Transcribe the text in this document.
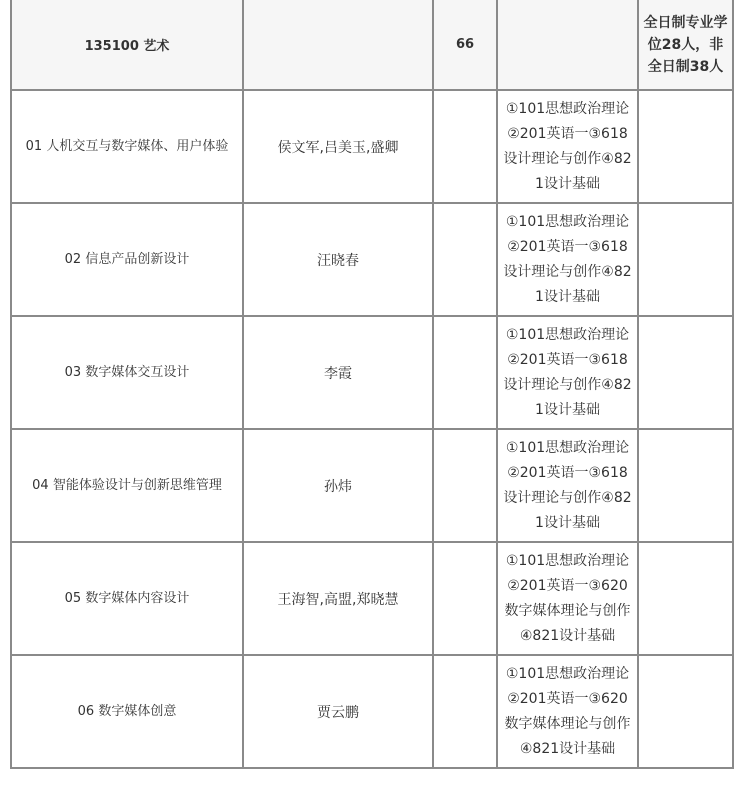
135100 艺术		66		全日制专业学位28人，非全日制38人
01 人机交互与数字媒体、用户体验	侯文军,吕美玉,盛卿		①101思想政治理论②201英语一③618设计理论与创作④821设计基础	
02 信息产品创新设计	汪晓春		①101思想政治理论②201英语一③618设计理论与创作④821设计基础	
03 数字媒体交互设计	李霞		①101思想政治理论②201英语一③618设计理论与创作④821设计基础	
04 智能体验设计与创新思维管理	孙炜		①101思想政治理论②201英语一③618设计理论与创作④821设计基础	
05 数字媒体内容设计	王海智,高盟,郑晓慧		①101思想政治理论②201英语一③620数字媒体理论与创作④821设计基础	
06 数字媒体创意	贾云鹏		①101思想政治理论②201英语一③620数字媒体理论与创作④821设计基础	
